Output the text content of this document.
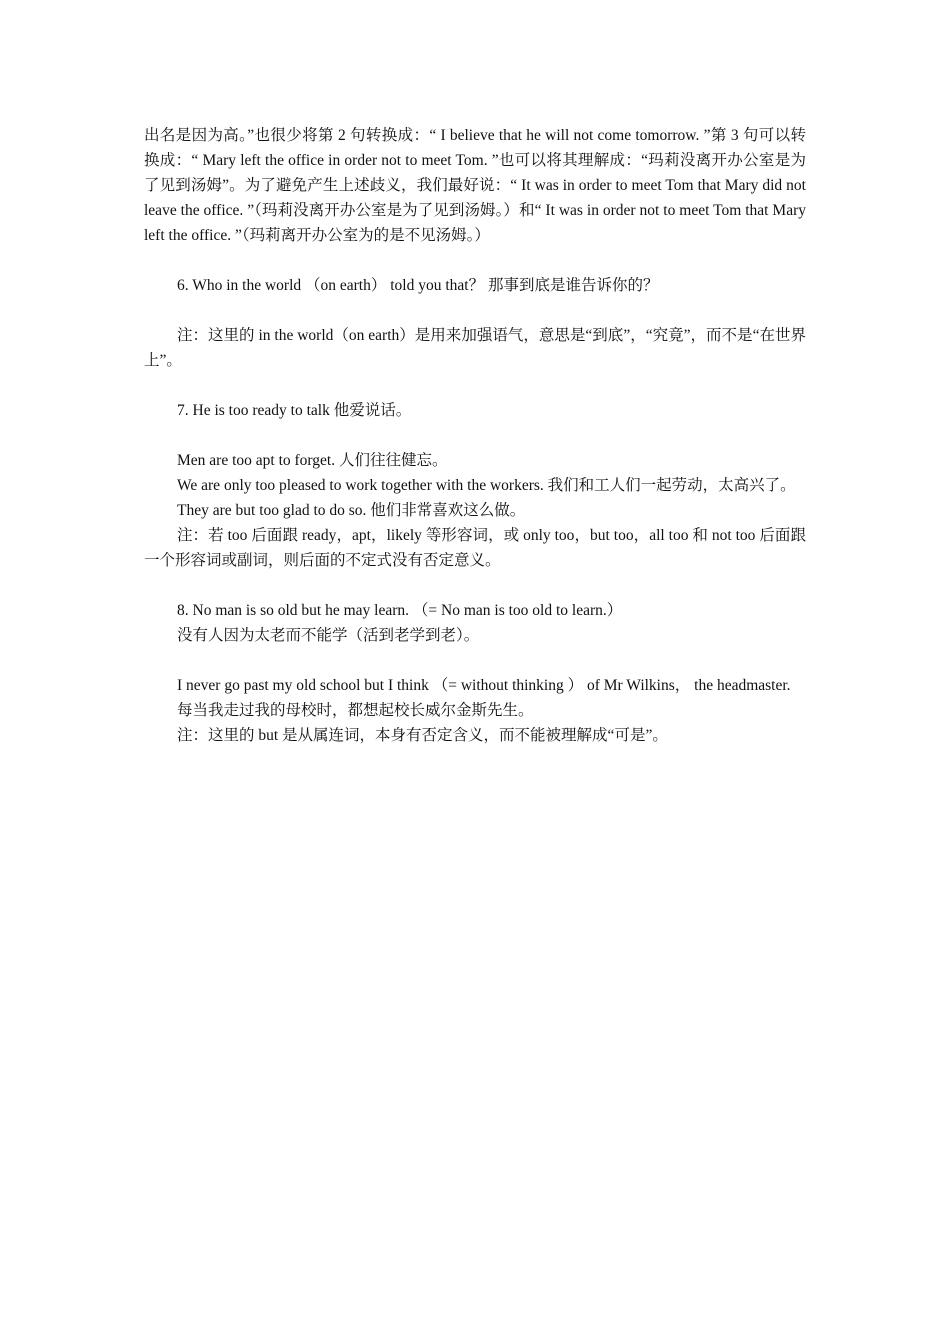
出名是因为高。”也很少将第 2 句转换成：“ I believe that he will not come tomorrow. ”第 3 句可以转换成：“ Mary left the office in order not to meet Tom. ”也可以将其理解成：“玛莉没离开办公室是为了见到汤姆”。为了避免产生上述歧义，我们最好说：“ It was in order to meet Tom that Mary did not leave the office. ”（玛莉没离开办公室是为了见到汤姆。）和“ It was in order not to meet Tom that Mary left the office. ”（玛莉离开办公室为的是不见汤姆。）

6. Who in the world （on earth） told you that？ 那事到底是谁告诉你的？

注：这里的 in the world（on earth）是用来加强语气，意思是“到底”，“究竟”，而不是“在世界上”。

7. He is too ready to talk 他爱说话。

Men are too apt to forget. 人们往往健忘。

We are only too pleased to work together with the workers. 我们和工人们一起劳动，太高兴了。

They are but too glad to do so. 他们非常喜欢这么做。

注：若 too 后面跟 ready，apt，likely 等形容词，或 only too，but too，all too 和 not too 后面跟一个形容词或副词，则后面的不定式没有否定意义。

8. No man is so old but he may learn. （= No man is too old to learn.）

没有人因为太老而不能学（活到老学到老）。

I never go past my old school but I think （= without thinking ） of Mr Wilkins， the headmaster.

每当我走过我的母校时，都想起校长威尔金斯先生。

注：这里的 but 是从属连词，本身有否定含义，而不能被理解成“可是”。
